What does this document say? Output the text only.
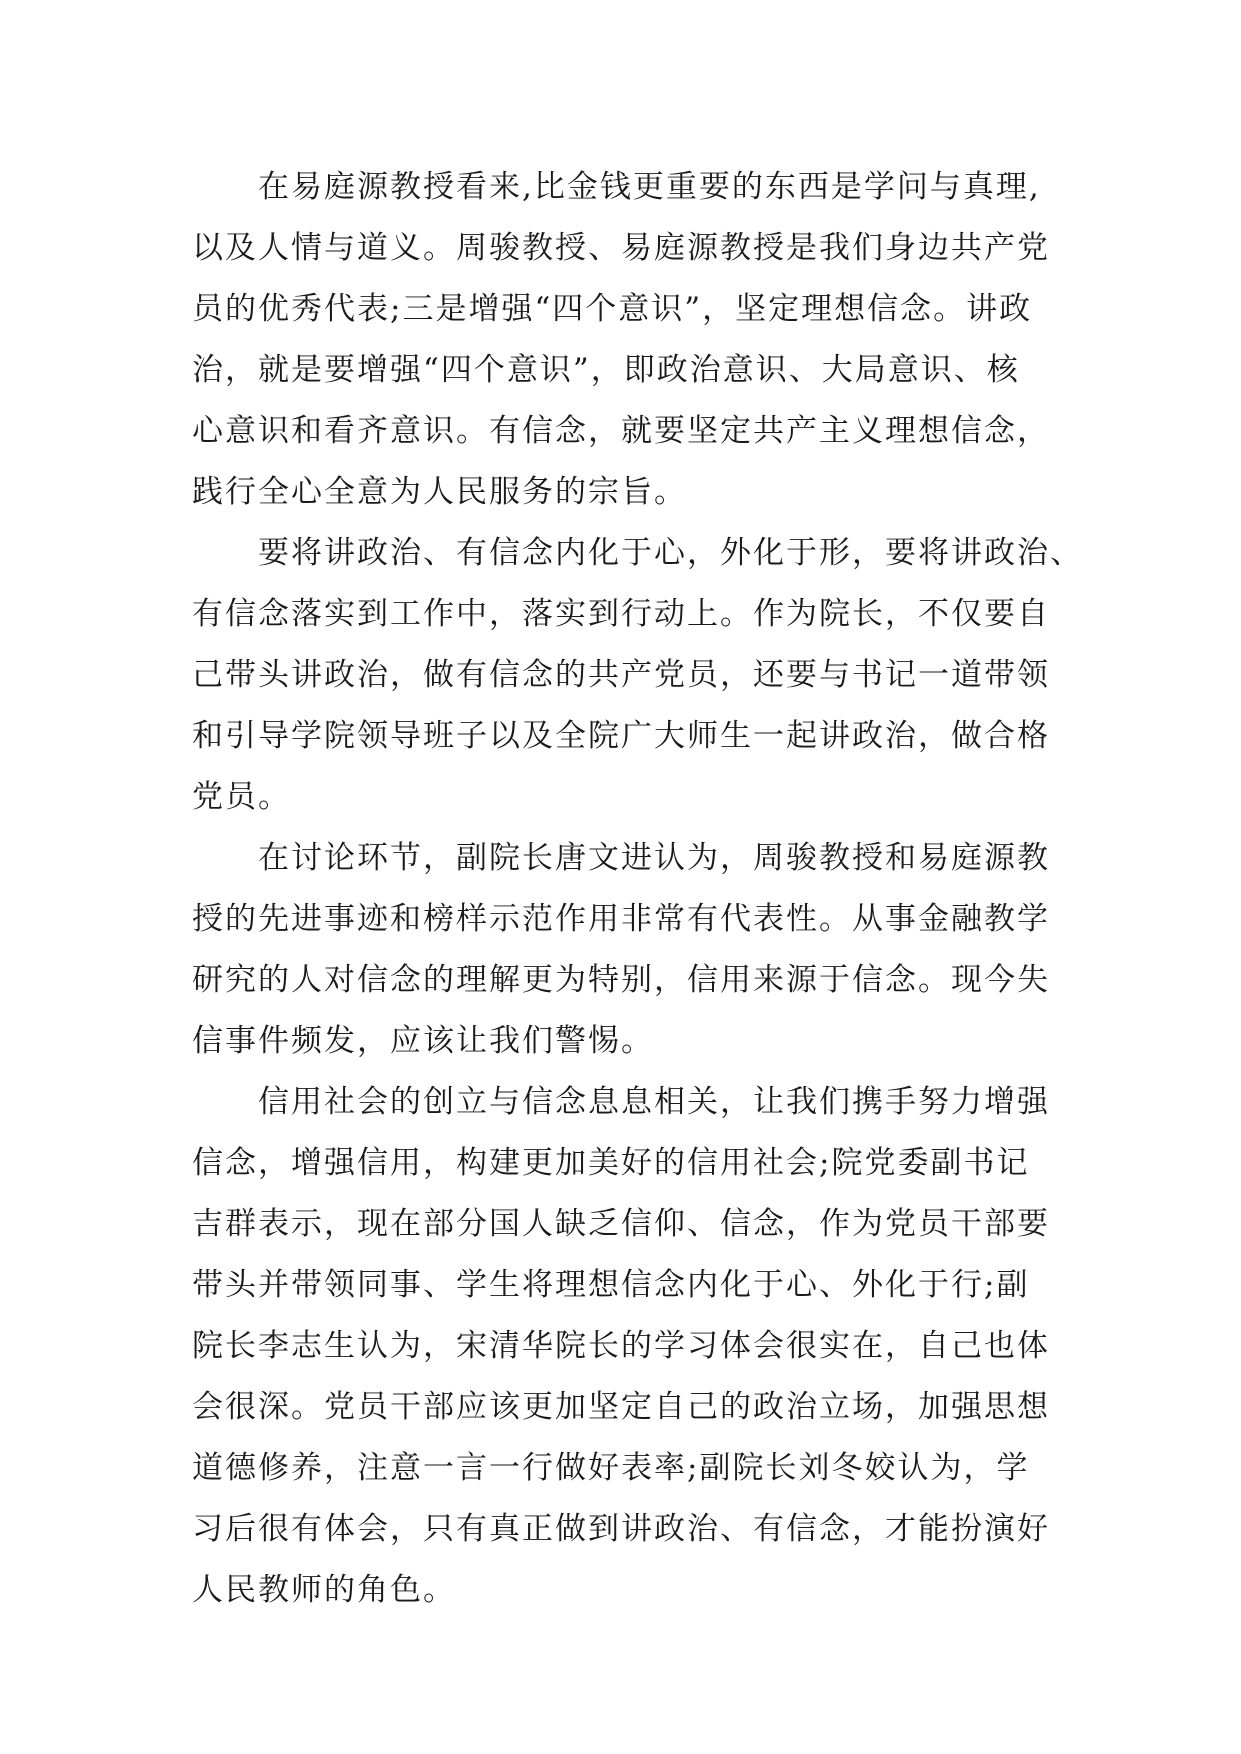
在易庭源教授看来,比金钱更重要的东西是学问与真理,
以及人情与道义。周骏教授、易庭源教授是我们身边共产党
员的优秀代表;三是增强“四个意识”，坚定理想信念。讲政
治，就是要增强“四个意识”，即政治意识、大局意识、核
心意识和看齐意识。有信念，就要坚定共产主义理想信念，
践行全心全意为人民服务的宗旨。
要将讲政治、有信念内化于心，外化于形，要将讲政治、
有信念落实到工作中，落实到行动上。作为院长，不仅要自
己带头讲政治，做有信念的共产党员，还要与书记一道带领
和引导学院领导班子以及全院广大师生一起讲政治，做合格
党员。
在讨论环节，副院长唐文进认为，周骏教授和易庭源教
授的先进事迹和榜样示范作用非常有代表性。从事金融教学
研究的人对信念的理解更为特别，信用来源于信念。现今失
信事件频发，应该让我们警惕。
信用社会的创立与信念息息相关，让我们携手努力增强
信念，增强信用，构建更加美好的信用社会;院党委副书记
吉群表示，现在部分国人缺乏信仰、信念，作为党员干部要
带头并带领同事、学生将理想信念内化于心、外化于行;副
院长李志生认为，宋清华院长的学习体会很实在，自己也体
会很深。党员干部应该更加坚定自己的政治立场，加强思想
道德修养，注意一言一行做好表率;副院长刘冬姣认为，学
习后很有体会，只有真正做到讲政治、有信念，才能扮演好
人民教师的角色。
